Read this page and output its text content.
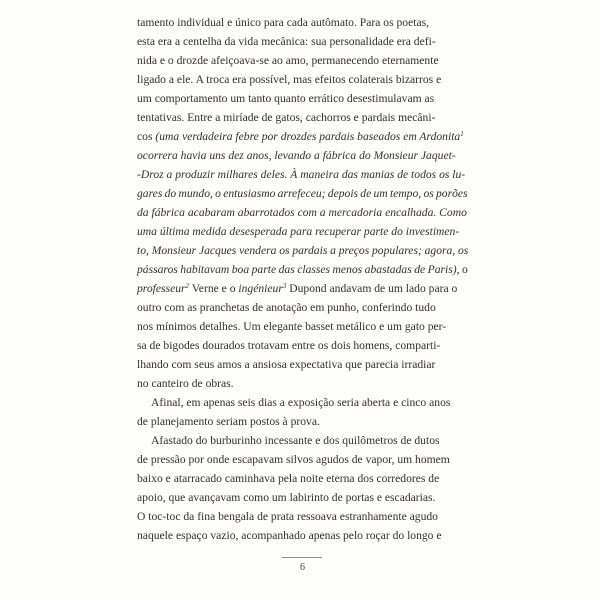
tamento individual e único para cada autômato. Para os poetas,
esta era a centelha da vida mecânica: sua personalidade era defi-
nida e o drozde afeiçoava-se ao amo, permanecendo eternamente
ligado a ele. A troca era possível, mas efeitos colaterais bizarros e
um comportamento um tanto quanto errático desestimulavam as
tentativas. Entre a miríade de gatos, cachorros e pardais mecâni-
cos (uma verdadeira febre por drozdes pardais baseados em Ardonita$^1$
ocorrera havia uns dez anos, levando a fábrica do Monsieur Jaquet-
-Droz a produzir milhares deles. À maneira das manias de todos os lu-
gares do mundo, o entusiasmo arrefeceu; depois de um tempo, os porões
da fábrica acabaram abarrotados com a mercadoria encalhada. Como
uma última medida desesperada para recuperar parte do investimen-
to, Monsieur Jacques vendera os pardais a preços populares; agora, os
pássaros habitavam boa parte das classes menos abastadas de Paris), o
professeur$^2$ Verne e o ingénieur$^3$ Dupond andavam de um lado para o
outro com as pranchetas de anotação em punho, conferindo tudo
nos mínimos detalhes. Um elegante basset metálico e um gato per-
sa de bigodes dourados trotavam entre os dois homens, comparti-
lhando com seus amos a ansiosa expectativa que parecia irradiar
no canteiro de obras.
Afinal, em apenas seis dias a exposição seria aberta e cinco anos
de planejamento seriam postos à prova.
Afastado do burburinho incessante e dos quilômetros de dutos
de pressão por onde escapavam silvos agudos de vapor, um homem
baixo e atarracado caminhava pela noite eterna dos corredores de
apoio, que avançavam como um labirinto de portas e escadarias.
O toc-toc da fina bengala de prata ressoava estranhamente agudo
naquele espaço vazio, acompanhado apenas pelo roçar do longo e
6
